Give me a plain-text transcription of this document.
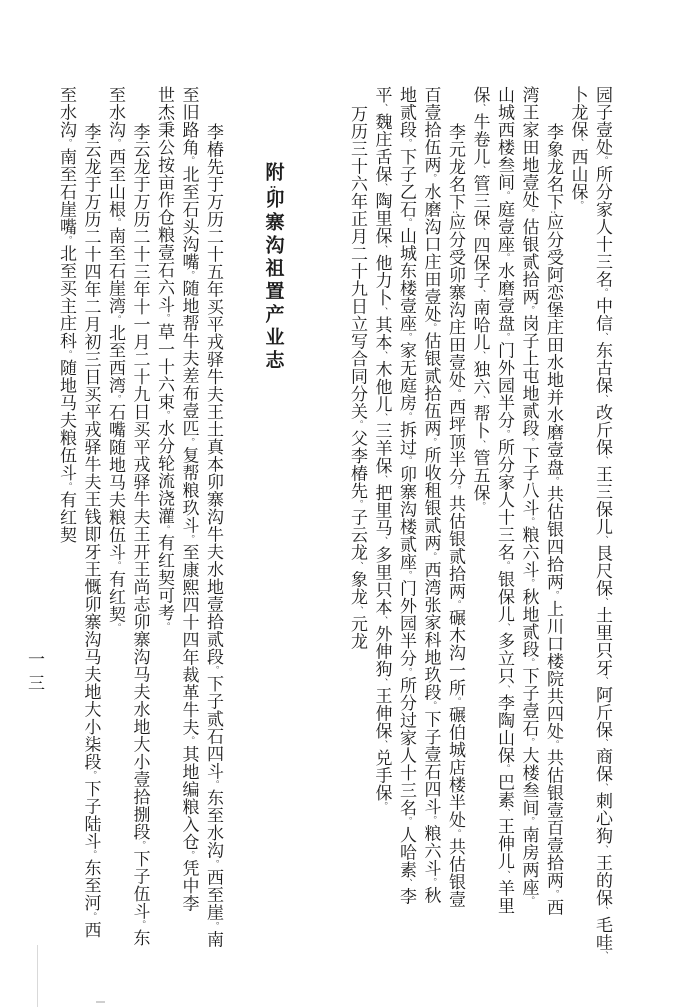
园子壹处。所分家人十三名。中信、东古保、改斤保、王三保儿、艮尺保、土里只牙、阿斤保、商保、刺心狗、王的保、毛哇、
卜龙保、西山保。
李象龙名下:应分受阿恋堡庄田水地并水磨壹盘。共估银四拾两。上川口楼院共四处。共估银壹百壹拾两。西
湾王家田地壹处。估银贰拾两。岗子上屯地贰段。下子八斗。粮六斗。秋地贰段。下子壹石。大楼叁间。南房两座。
山城西楼叁间。庭壹座。水磨壹盘。门外园半分。所分家人十三名。银保儿、多立只、李陶山保。巴素、王伸儿、羊里
保、牛卷儿、管三保、四保子、南哈儿、独六、帮卜、管五保。
李元龙名下:应分受卯寨沟庄田壹处。西坪顶半分。共估银贰拾两。碾木沟一所。碾伯城店楼半处。共估银壹
百壹拾伍两。水磨沟口庄田壹处。估银贰拾伍两。所收租银贰两。西湾张家科地玖段。下子壹石四斗。粮六斗。秋
地贰段。下子乙石。山城东楼壹座。家无庭房。拆过。卯寨沟楼贰座。门外园半分。所分过家人十三名。人哈素、李
平、魏庄舌保、陶里保、他力卜、其本、木他儿、三羊保、把里马、多里只本、外伸狗、王伸保、兑手保。
万历三十六年正月二十九日立写合同分关。父李椿先。子云龙、象龙、元龙
附:卯寨沟祖置产业志
李椿先于万历二十五年买平戎驿牛夫王土真本卯寨沟牛夫水地壹拾贰段。下子贰石四斗。东至水沟。西至崖。南
至旧路角。北至石头沟嘴。随地帮牛夫差布壹匹。复帮粮玖斗。至康熙四十四年裁革牛夫。其地编粮入仓。凭中李
世杰秉公按亩作仓粮壹石六斗。草一十六束。水分轮流浇灌。有红契可考。
李云龙于万历二十三年十一月二十九日买平戎驿牛夫王开王尚志卯寨沟马夫水地大小壹拾捌段。下子伍斗。东
至水沟。西至山根。南至石崖湾。北至西湾。石嘴随地马夫粮伍斗。有红契。
李云龙于万历二十四年二月初三日买平戎驿牛夫王钱即牙王慨卯寨沟马夫地大小柒段。下子陆斗。东至河。西
至水沟。南至石崖嘴。北至买主庄科。随地马夫粮伍斗。有红契
一三
